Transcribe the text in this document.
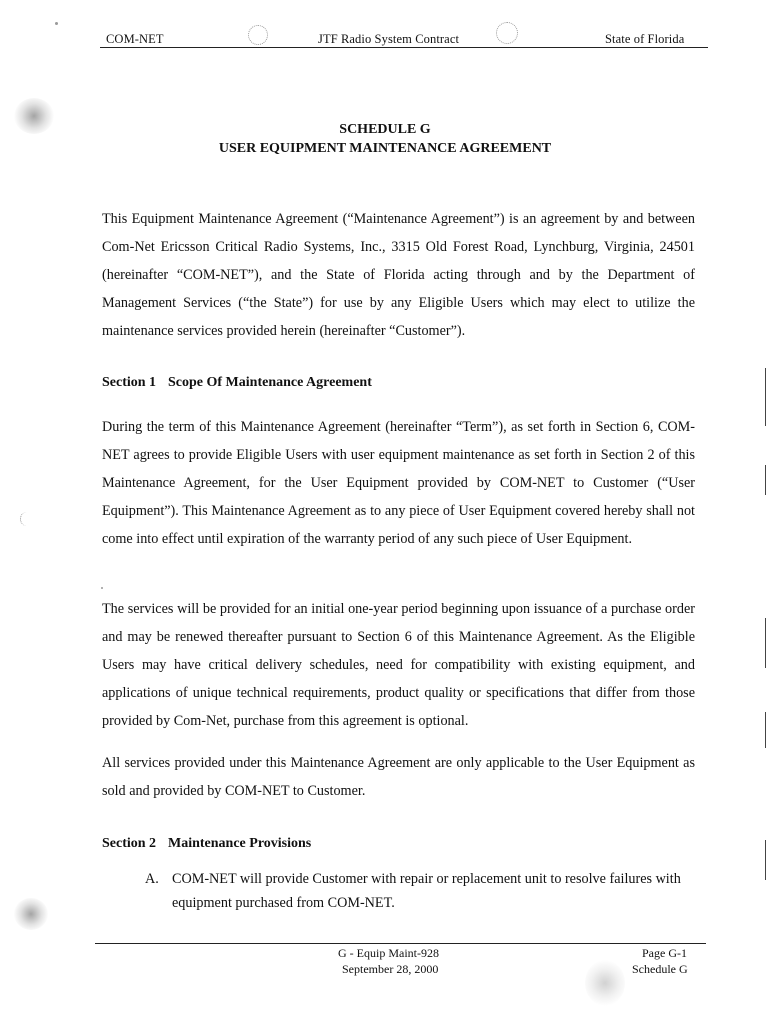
COM-NET	JTF Radio System Contract	State of Florida
SCHEDULE G
USER EQUIPMENT MAINTENANCE AGREEMENT
This Equipment Maintenance Agreement (“Maintenance Agreement”) is an agreement by and between Com-Net Ericsson Critical Radio Systems, Inc., 3315 Old Forest Road, Lynchburg, Virginia, 24501 (hereinafter “COM-NET”), and the State of Florida acting through and by the Department of Management Services (“the State”) for use by any Eligible Users which may elect to utilize the maintenance services provided herein (hereinafter “Customer”).
Section 1 Scope Of Maintenance Agreement
During the term of this Maintenance Agreement (hereinafter “Term”), as set forth in Section 6, COM-NET agrees to provide Eligible Users with user equipment maintenance as set forth in Section 2 of this Maintenance Agreement, for the User Equipment provided by COM-NET to Customer (“User Equipment”). This Maintenance Agreement as to any piece of User Equipment covered hereby shall not come into effect until expiration of the warranty period of any such piece of User Equipment.
The services will be provided for an initial one-year period beginning upon issuance of a purchase order and may be renewed thereafter pursuant to Section 6 of this Maintenance Agreement. As the Eligible Users may have critical delivery schedules, need for compatibility with existing equipment, and applications of unique technical requirements, product quality or specifications that differ from those provided by Com-Net, purchase from this agreement is optional.
All services provided under this Maintenance Agreement are only applicable to the User Equipment as sold and provided by COM-NET to Customer.
Section 2 Maintenance Provisions
A. COM-NET will provide Customer with repair or replacement unit to resolve failures with equipment purchased from COM-NET.
G - Equip Maint-928
September 28, 2000
Page G-1
Schedule G
